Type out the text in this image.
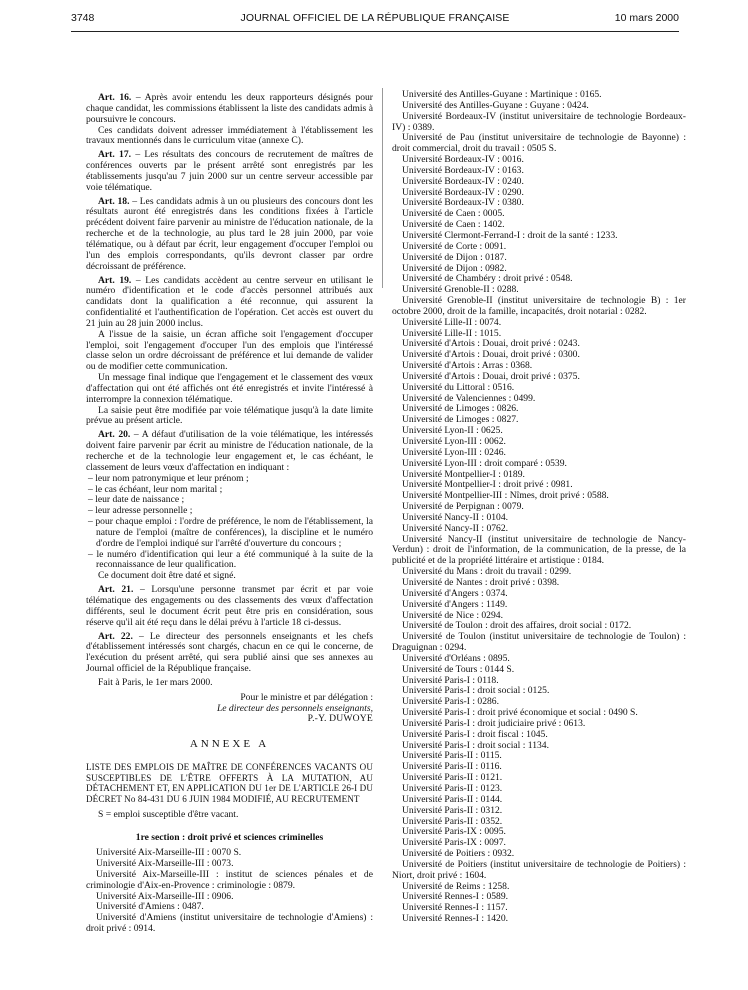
3748	JOURNAL OFFICIEL DE LA RÉPUBLIQUE FRANÇAISE	10 mars 2000

Art. 16. – Après avoir entendu les deux rapporteurs désignés pour chaque candidat, les commissions établissent la liste des candidats admis à poursuivre le concours.

Ces candidats doivent adresser immédiatement à l'établissement les travaux mentionnés dans le curriculum vitae (annexe C).

Art. 17. – Les résultats des concours de recrutement de maîtres de conférences ouverts par le présent arrêté sont enregistrés par les établissements jusqu'au 7 juin 2000 sur un centre serveur accessible par voie télématique.

Art. 18. – Les candidats admis à un ou plusieurs des concours dont les résultats auront été enregistrés dans les conditions fixées à l'article précédent doivent faire parvenir au ministre de l'éducation nationale, de la recherche et de la technologie, au plus tard le 28 juin 2000, par voie télématique, ou à défaut par écrit, leur engagement d'occuper l'emploi ou l'un des emplois correspondants, qu'ils devront classer par ordre décroissant de préférence.

Art. 19. – Les candidats accèdent au centre serveur en utilisant le numéro d'identification et le code d'accès personnel attribués aux candidats dont la qualification a été reconnue, qui assurent la confidentialité et l'authentification de l'opération. Cet accès est ouvert du 21 juin au 28 juin 2000 inclus.

A l'issue de la saisie, un écran affiche soit l'engagement d'occuper l'emploi, soit l'engagement d'occuper l'un des emplois que l'intéressé classe selon un ordre décroissant de préférence et lui demande de valider ou de modifier cette communication.

Un message final indique que l'engagement et le classement des vœux d'affectation qui ont été affichés ont été enregistrés et invite l'intéressé à interrompre la connexion télématique.

La saisie peut être modifiée par voie télématique jusqu'à la date limite prévue au présent article.

Art. 20. – A défaut d'utilisation de la voie télématique, les intéressés doivent faire parvenir par écrit au ministre de l'éducation nationale, de la recherche et de la technologie leur engagement et, le cas échéant, le classement de leurs vœux d'affectation en indiquant :

– leur nom patronymique et leur prénom ;

– le cas échéant, leur nom marital ;

– leur date de naissance ;

– leur adresse personnelle ;

– pour chaque emploi : l'ordre de préférence, le nom de l'établissement, la nature de l'emploi (maître de conférences), la discipline et le numéro d'ordre de l'emploi indiqué sur l'arrêté d'ouverture du concours ;

– le numéro d'identification qui leur a été communiqué à la suite de la reconnaissance de leur qualification.

Ce document doit être daté et signé.

Art. 21. – Lorsqu'une personne transmet par écrit et par voie télématique des engagements ou des classements des vœux d'affectation différents, seul le document écrit peut être pris en considération, sous réserve qu'il ait été reçu dans le délai prévu à l'article 18 ci-dessus.

Art. 22. – Le directeur des personnels enseignants et les chefs d'établissement intéressés sont chargés, chacun en ce qui le concerne, de l'exécution du présent arrêté, qui sera publié ainsi que ses annexes au Journal officiel de la République française.

Fait à Paris, le 1er mars 2000.

Pour le ministre et par délégation :
Le directeur des personnels enseignants,
P.-Y. DUWOYE
ANNEXE A

LISTE DES EMPLOIS DE MAÎTRE DE CONFÉRENCES VACANTS OU SUSCEPTIBLES DE L'ÊTRE OFFERTS À LA MUTATION, AU DÉTACHEMENT ET, EN APPLICATION DU 1er DE L'ARTICLE 26-I DU DÉCRET No 84-431 DU 6 JUIN 1984 MODIFIÉ, AU RECRUTEMENT

S = emploi susceptible d'être vacant.

1re section : droit privé et sciences criminelles

Université Aix-Marseille-III : 0070 S.

Université Aix-Marseille-III : 0073.

Université Aix-Marseille-III : institut de sciences pénales et de criminologie d'Aix-en-Provence : criminologie : 0879.

Université Aix-Marseille-III : 0906.

Université d'Amiens : 0487.

Université d'Amiens (institut universitaire de technologie d'Amiens) : droit privé : 0914.

Université des Antilles-Guyane : Martinique : 0165.

Université des Antilles-Guyane : Guyane : 0424.

Université Bordeaux-IV (institut universitaire de technologie Bordeaux-IV) : 0389.

Université de Pau (institut universitaire de technologie de Bayonne) : droit commercial, droit du travail : 0505 S.

Université Bordeaux-IV : 0016.

Université Bordeaux-IV : 0163.

Université Bordeaux-IV : 0240.

Université Bordeaux-IV : 0290.

Université Bordeaux-IV : 0380.

Université de Caen : 0005.

Université de Caen : 1402.

Université Clermont-Ferrand-I : droit de la santé : 1233.

Université de Corte : 0091.

Université de Dijon : 0187.

Université de Dijon : 0982.

Université de Chambéry : droit privé : 0548.

Université Grenoble-II : 0288.

Université Grenoble-II (institut universitaire de technologie B) : 1er octobre 2000, droit de la famille, incapacités, droit notarial : 0282.

Université Lille-II : 0074.

Université Lille-II : 1015.

Université d'Artois : Douai, droit privé : 0243.

Université d'Artois : Douai, droit privé : 0300.

Université d'Artois : Arras : 0368.

Université d'Artois : Douai, droit privé : 0375.

Université du Littoral : 0516.

Université de Valenciennes : 0499.

Université de Limoges : 0826.

Université de Limoges : 0827.

Université Lyon-II : 0625.

Université Lyon-III : 0062.

Université Lyon-III : 0246.

Université Lyon-III : droit comparé : 0539.

Université Montpellier-I : 0189.

Université Montpellier-I : droit privé : 0981.

Université Montpellier-III : Nîmes, droit privé : 0588.

Université de Perpignan : 0079.

Université Nancy-II : 0104.

Université Nancy-II : 0762.

Université Nancy-II (institut universitaire de technologie de Nancy-Verdun) : droit de l'information, de la communication, de la presse, de la publicité et de la propriété littéraire et artistique : 0184.

Université du Mans : droit du travail : 0299.

Université de Nantes : droit privé : 0398.

Université d'Angers : 0374.

Université d'Angers : 1149.

Université de Nice : 0294.

Université de Toulon : droit des affaires, droit social : 0172.

Université de Toulon (institut universitaire de technologie de Toulon) : Draguignan : 0294.

Université d'Orléans : 0895.

Université de Tours : 0144 S.

Université Paris-I : 0118.

Université Paris-I : droit social : 0125.

Université Paris-I : 0286.

Université Paris-I : droit privé économique et social : 0490 S.

Université Paris-I : droit judiciaire privé : 0613.

Université Paris-I : droit fiscal : 1045.

Université Paris-I : droit social : 1134.

Université Paris-II : 0115.

Université Paris-II : 0116.

Université Paris-II : 0121.

Université Paris-II : 0123.

Université Paris-II : 0144.

Université Paris-II : 0312.

Université Paris-II : 0352.

Université Paris-IX : 0095.

Université Paris-IX : 0097.

Université de Poitiers : 0932.

Université de Poitiers (institut universitaire de technologie de Poitiers) : Niort, droit privé : 1604.

Université de Reims : 1258.

Université Rennes-I : 0589.

Université Rennes-I : 1157.

Université Rennes-I : 1420.
